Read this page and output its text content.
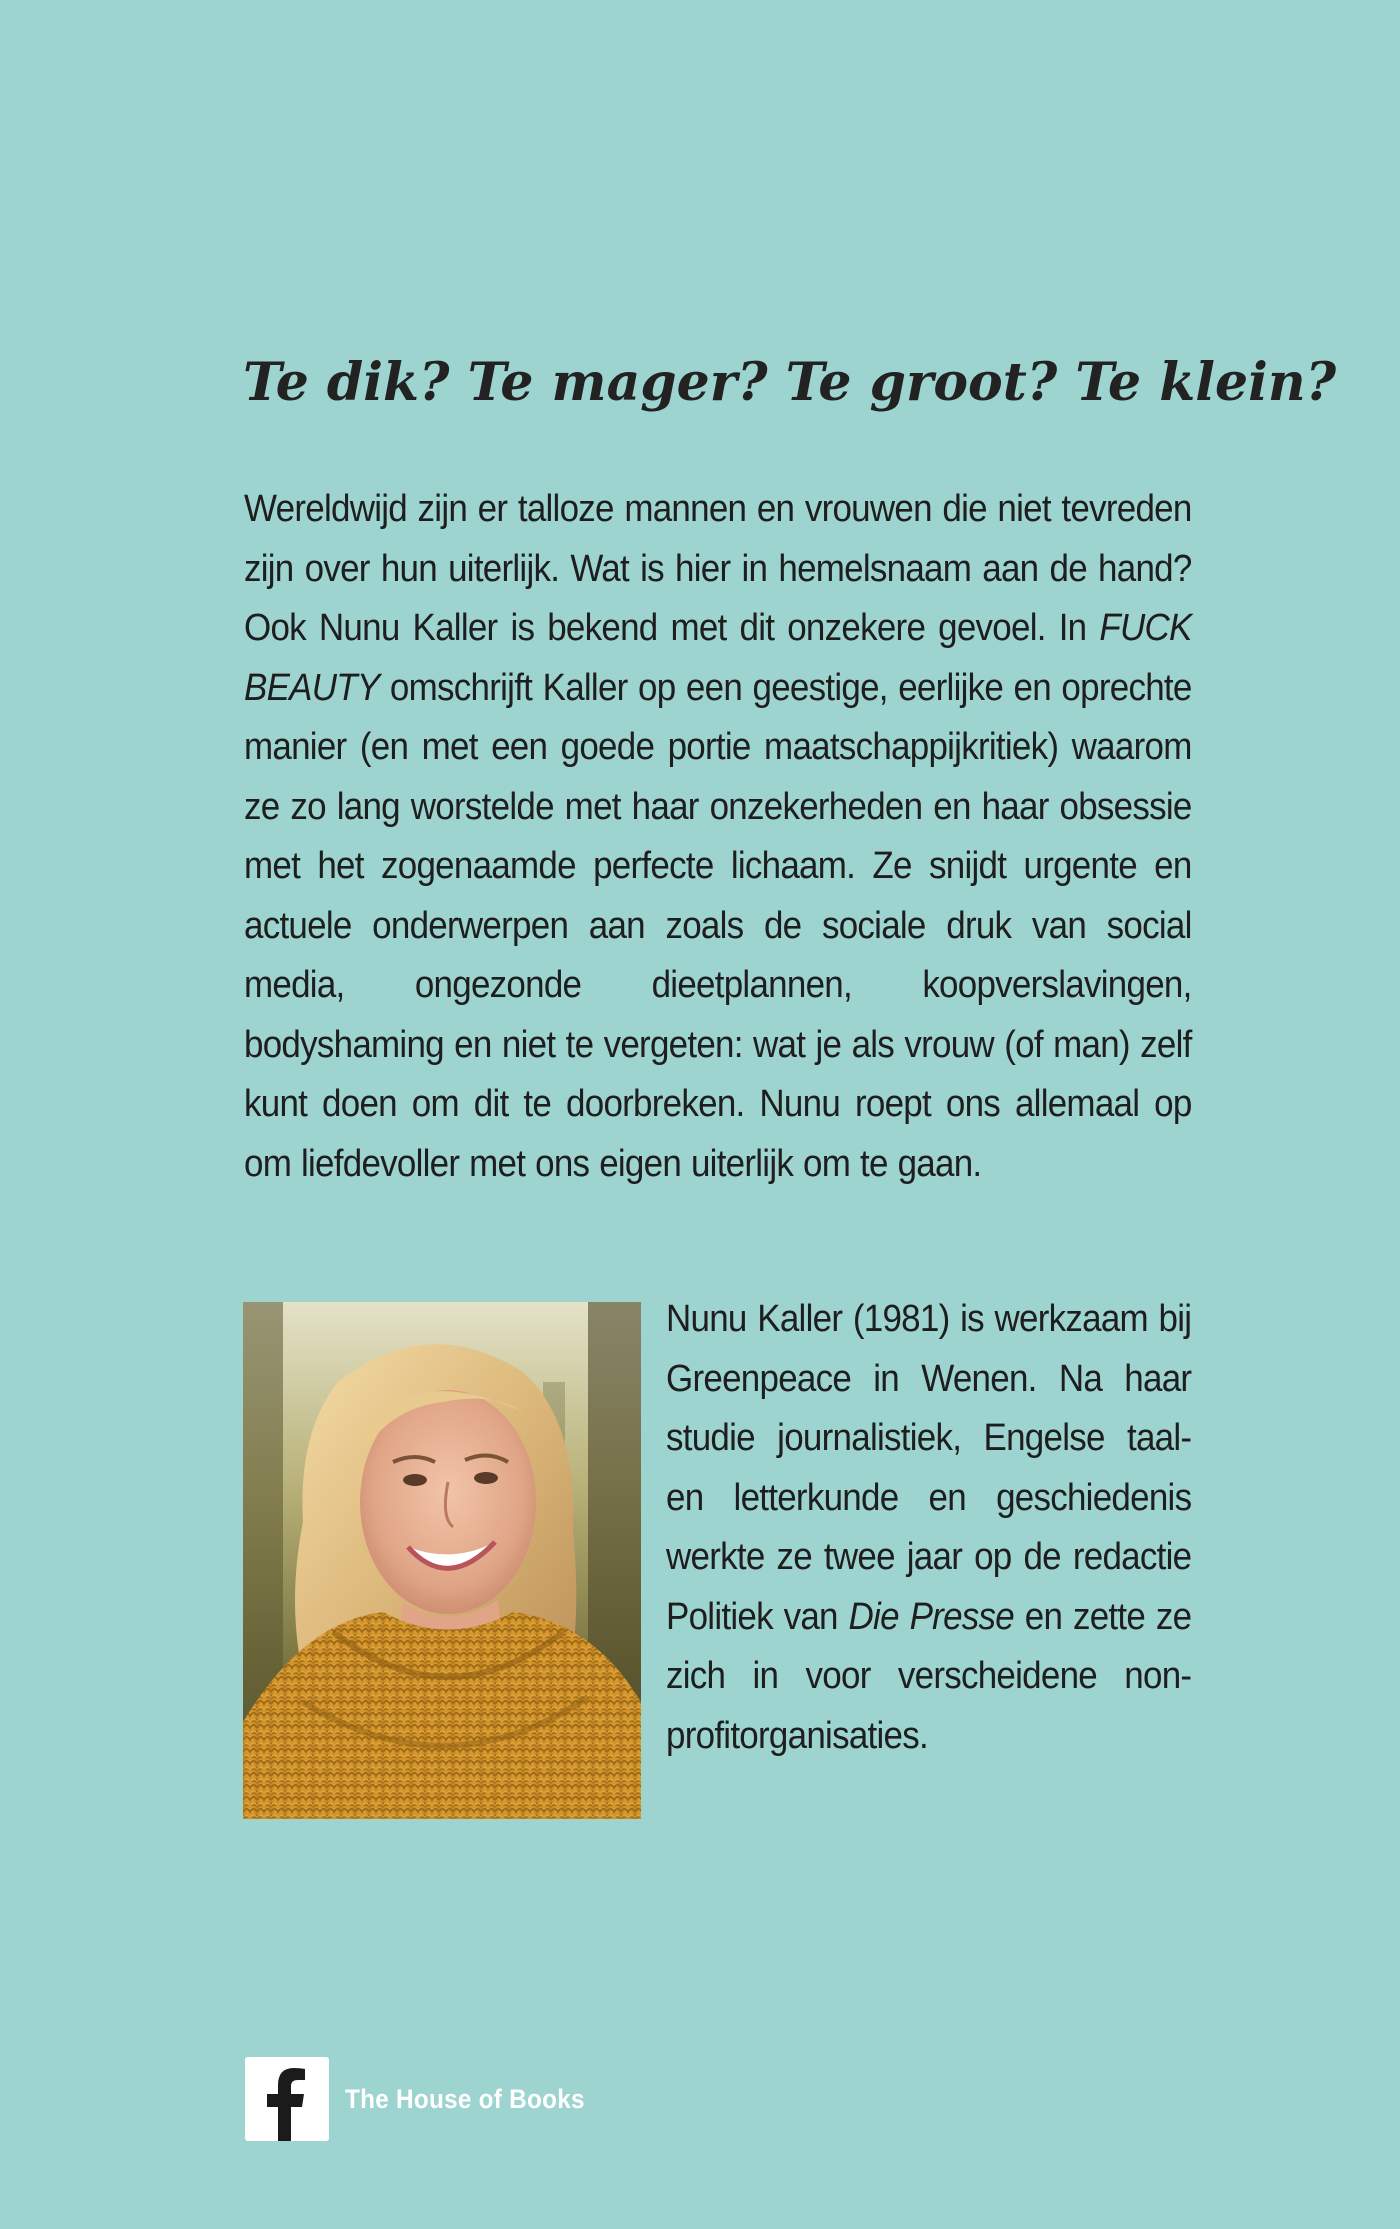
Te dik? Te mager? Te groot? Te klein?
Wereldwijd zijn er talloze mannen en vrouwen die niet tevreden zijn over hun uiterlijk. Wat is hier in hemelsnaam aan de hand? Ook Nunu Kaller is bekend met dit onzekere gevoel. In FUCK BEAUTY omschrijft Kaller op een geestige, eerlijke en oprechte manier (en met een goede portie maatschappijkritiek) waarom ze zo lang worstelde met haar onzekerheden en haar obsessie met het zogenaamde perfecte lichaam. Ze snijdt urgente en actuele onderwerpen aan zoals de sociale druk van social media, ongezonde dieetplannen, koopverslavingen, bodyshaming en niet te vergeten: wat je als vrouw (of man) zelf kunt doen om dit te doorbreken. Nunu roept ons allemaal op om liefdevoller met ons eigen uiterlijk om te gaan.
Nunu Kaller (1981) is werkzaam bij Greenpeace in Wenen. Na haar studie journalistiek, Engelse taal- en letterkunde en geschiedenis werkte ze twee jaar op de redactie Politiek van Die Presse en zette ze zich in voor verscheidene non-profitorganisaties.
The House of Books
